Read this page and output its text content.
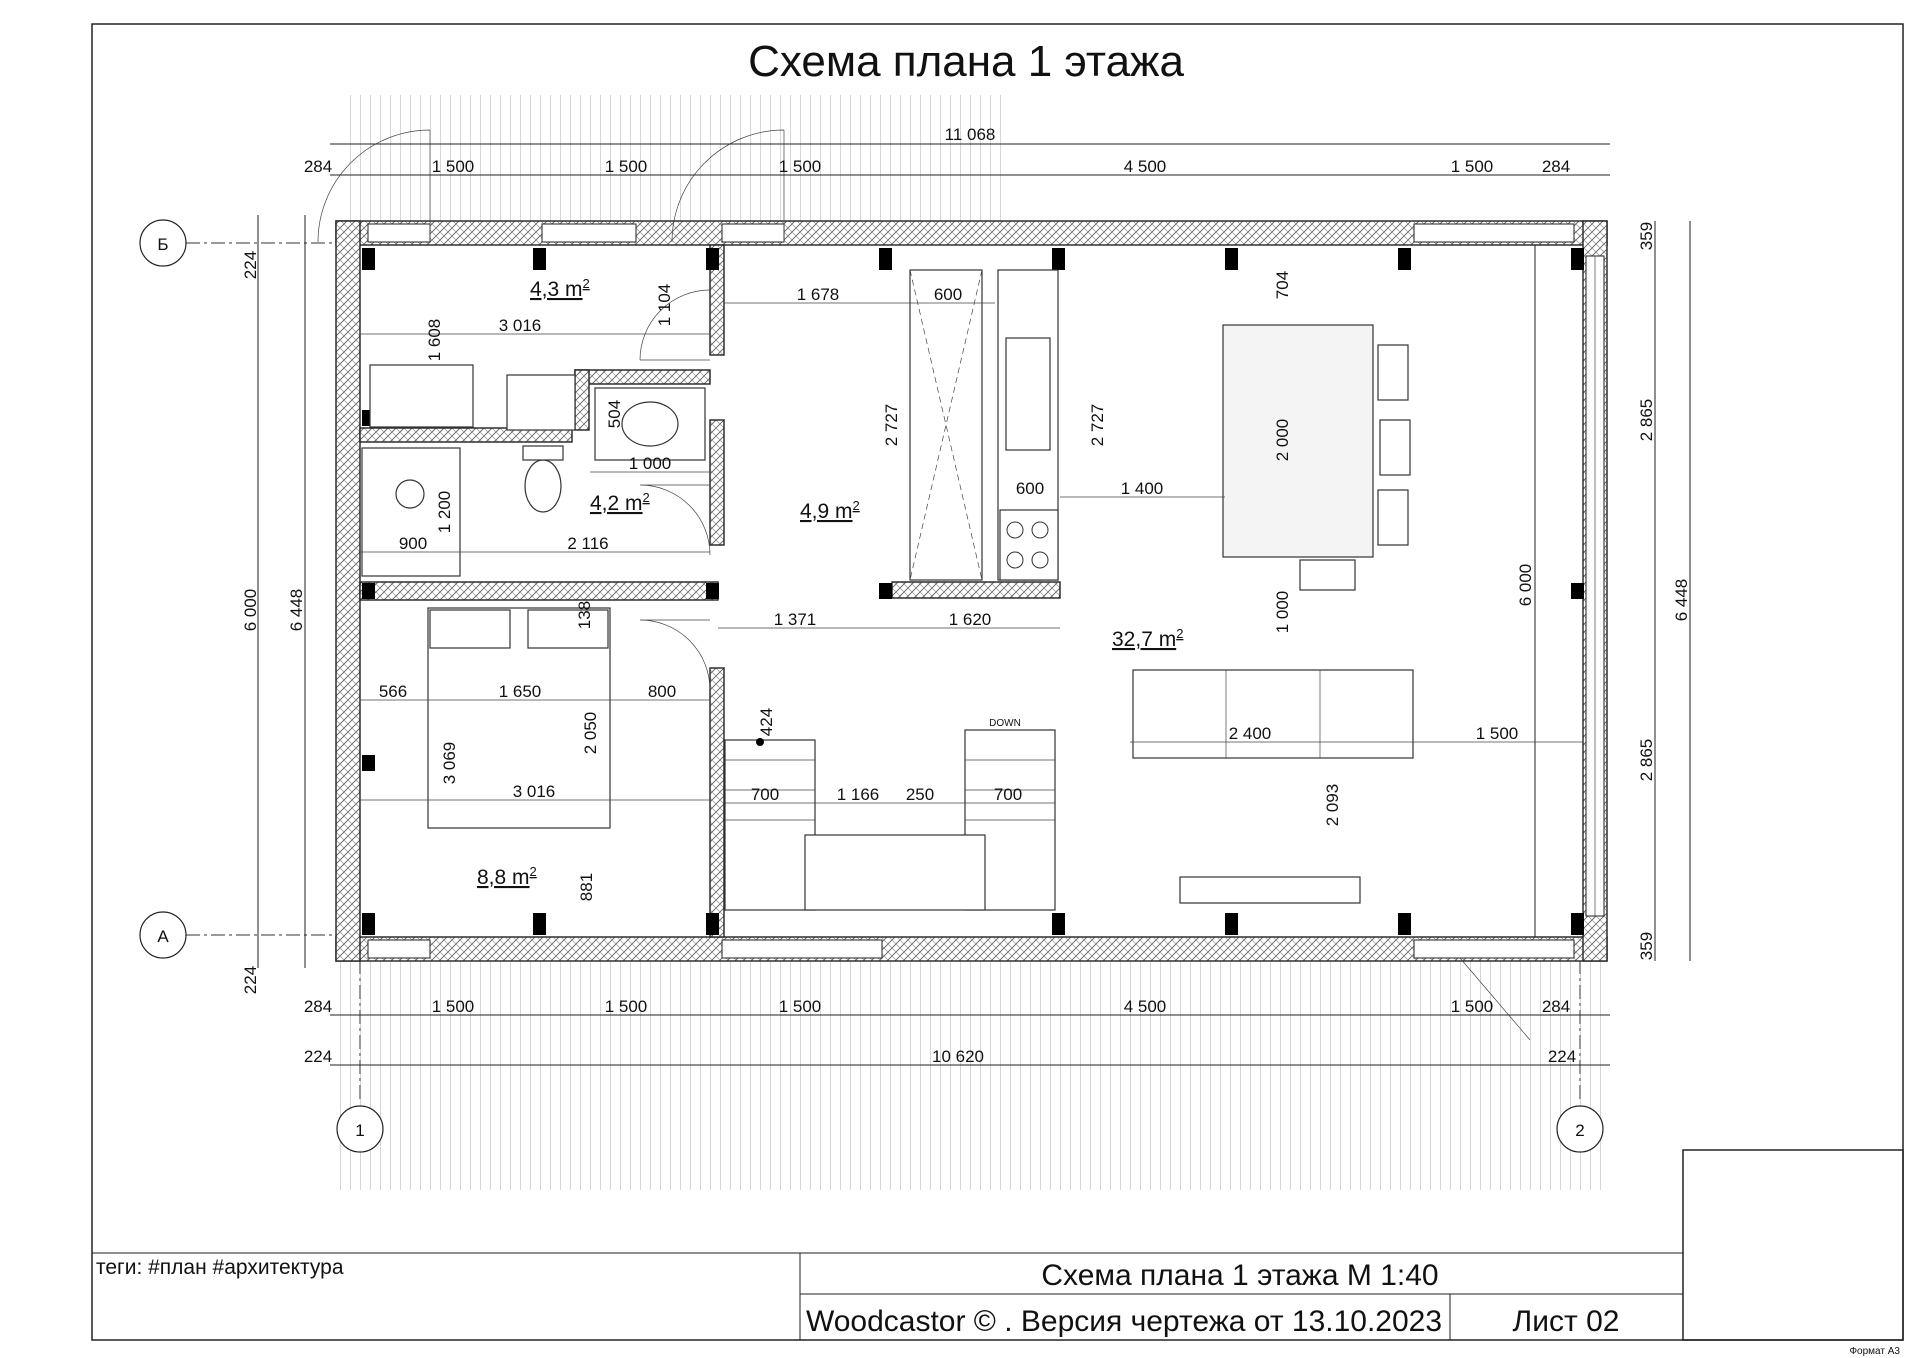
Схема плана 1 этажа
Б
А
1	2
DOWN
4,3 $m^2$
4,2 $m^2$
4,9 $m^2$
32,7 $m^2$
8,8 $m^2$
11 068
284	1 500	1 500	1 500	4 500	1 500	284
284	1 500	1 500	1 500	4 500	1 500	284
224	10 620	224
224
6 000 6 448
224
359
2 865
6 448
2 865
359
6 000
3 016
1 608
1 104	1 678	600
504
1 000
1 200
900	2 116
2 727	2 727
600	1 400
704
2 000
1 000
1 371	1 620
138
566	1 650	800
2 050
3 069
3 016
424
700	1 166 250	700
2 400	1 500
2 093
881
теги: #план #архитектура	Схема плана 1 этажа М 1:40
Woodcastor © . Версия чертежа от 13.10.2023 Лист 02
Формат А3
